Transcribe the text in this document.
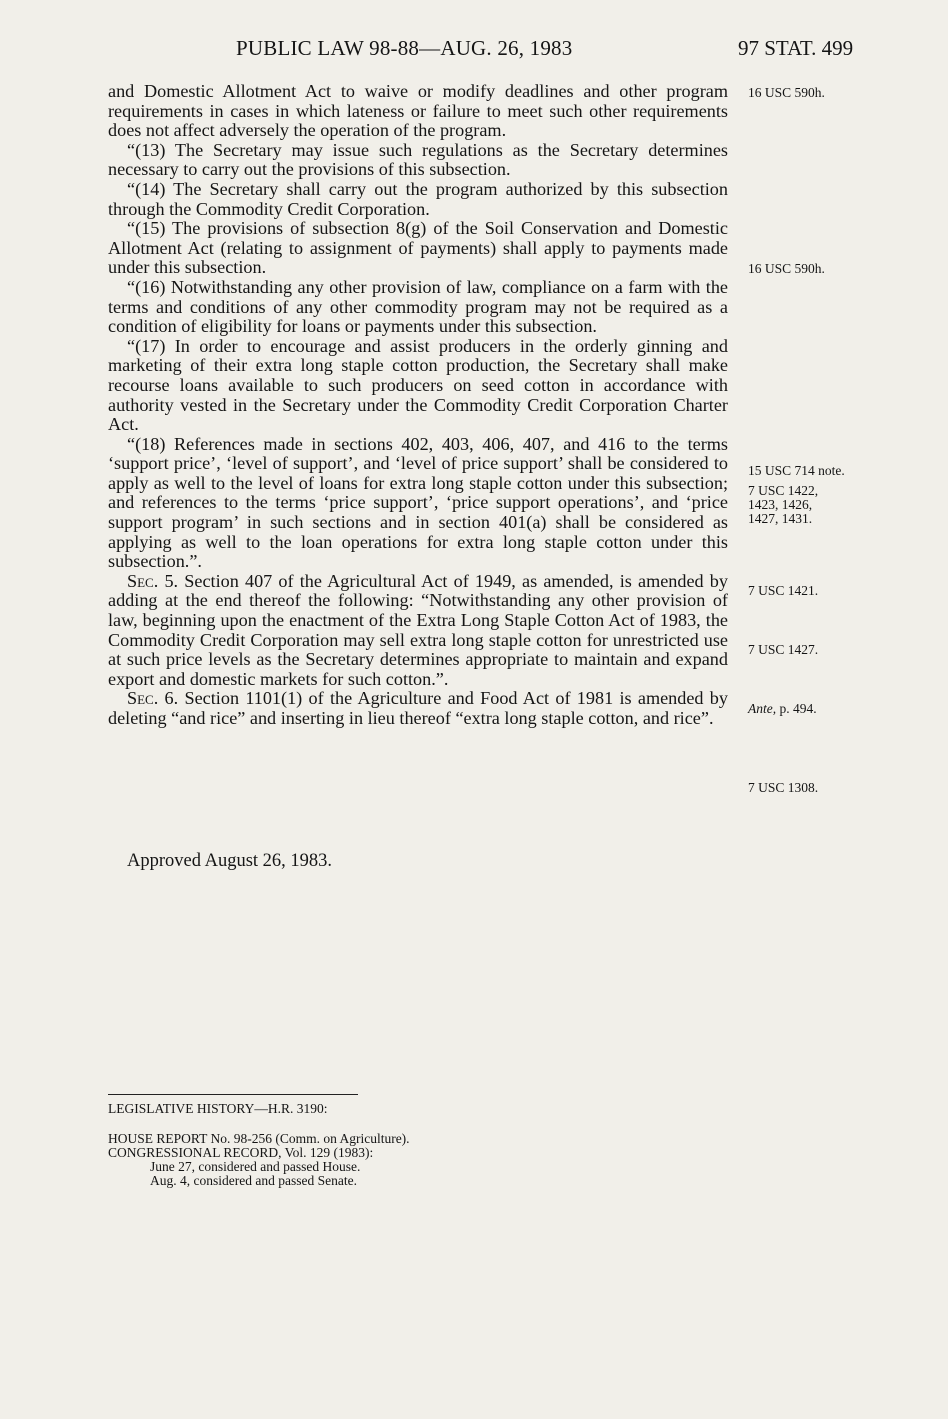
PUBLIC LAW 98-88—AUG. 26, 1983	97 STAT. 499

and Domestic Allotment Act to waive or modify deadlines and other program requirements in cases in which lateness or failure to meet such other requirements does not affect adversely the operation of the program.

“(13) The Secretary may issue such regulations as the Secretary determines necessary to carry out the provisions of this subsection.

“(14) The Secretary shall carry out the program authorized by this subsection through the Commodity Credit Corporation.

“(15) The provisions of subsection 8(g) of the Soil Conservation and Domestic Allotment Act (relating to assignment of payments) shall apply to payments made under this subsection.

“(16) Notwithstanding any other provision of law, compliance on a farm with the terms and conditions of any other commodity program may not be required as a condition of eligibility for loans or payments under this subsection.

“(17) In order to encourage and assist producers in the orderly ginning and marketing of their extra long staple cotton production, the Secretary shall make recourse loans available to such producers on seed cotton in accordance with authority vested in the Secretary under the Commodity Credit Corporation Charter Act.

“(18) References made in sections 402, 403, 406, 407, and 416 to the terms ‘support price’, ‘level of support’, and ‘level of price support’ shall be considered to apply as well to the level of loans for extra long staple cotton under this subsection; and references to the terms ‘price support’, ‘price support operations’, and ‘price support program’ in such sections and in section 401(a) shall be considered as applying as well to the loan operations for extra long staple cotton under this subsection.”.

Sec. 5. Section 407 of the Agricultural Act of 1949, as amended, is amended by adding at the end thereof the following: “Notwithstanding any other provision of law, beginning upon the enactment of the Extra Long Staple Cotton Act of 1983, the Commodity Credit Corporation may sell extra long staple cotton for unrestricted use at such price levels as the Secretary determines appropriate to maintain and expand export and domestic markets for such cotton.”.

Sec. 6. Section 1101(1) of the Agriculture and Food Act of 1981 is amended by deleting “and rice” and inserting in lieu thereof “extra long staple cotton, and rice”.

16 USC 590h.
16 USC 590h.
15 USC 714 note.
7 USC 1422,
1423, 1426,
1427, 1431.
7 USC 1421.
7 USC 1427.
Ante, p. 494.
7 USC 1308.
Approved August 26, 1983.
LEGISLATIVE HISTORY—H.R. 3190:
HOUSE REPORT No. 98-256 (Comm. on Agriculture).
CONGRESSIONAL RECORD, Vol. 129 (1983):
June 27, considered and passed House.
Aug. 4, considered and passed Senate.
